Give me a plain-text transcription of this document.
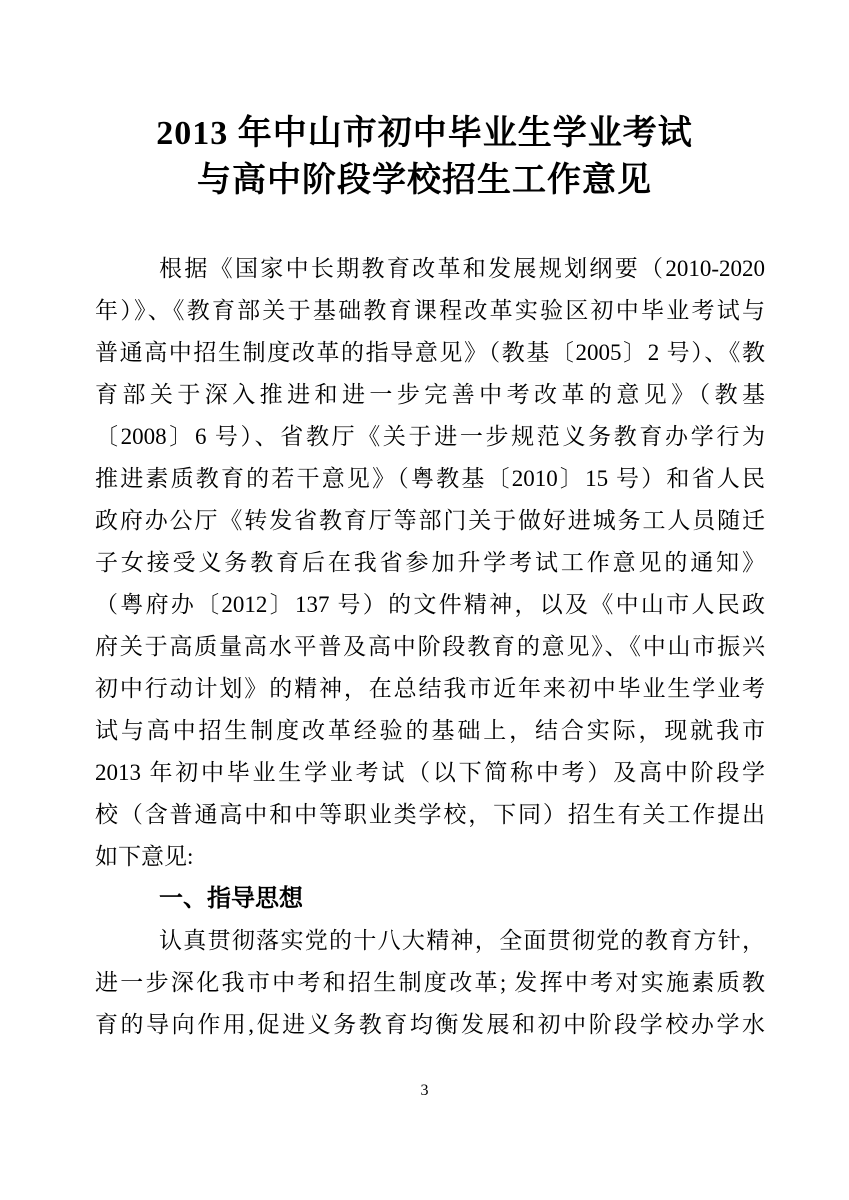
2013 年中山市初中毕业生学业考试
与高中阶段学校招生工作意见
根据《国家中长期教育改革和发展规划纲要（2010-2020
年）》、《教育部关于基础教育课程改革实验区初中毕业考试与
普通高中招生制度改革的指导意见》（教基〔2005〕2 号）、《教
育部关于深入推进和进一步完善中考改革的意见》（教基
〔2008〕6 号）、省教厅《关于进一步规范义务教育办学行为
推进素质教育的若干意见》（粤教基〔2010〕15 号）和省人民
政府办公厅《转发省教育厅等部门关于做好进城务工人员随迁
子女接受义务教育后在我省参加升学考试工作意见的通知》
（粤府办〔2012〕137 号）的文件精神，以及《中山市人民政
府关于高质量高水平普及高中阶段教育的意见》、《中山市振兴
初中行动计划》的精神，在总结我市近年来初中毕业生学业考
试与高中招生制度改革经验的基础上，结合实际，现就我市
2013 年初中毕业生学业考试（以下简称中考）及高中阶段学
校（含普通高中和中等职业类学校，下同）招生有关工作提出
如下意见:
一、指导思想
认真贯彻落实党的十八大精神，全面贯彻党的教育方针，
进一步深化我市中考和招生制度改革; 发挥中考对实施素质教
育的导向作用,促进义务教育均衡发展和初中阶段学校办学水
3
